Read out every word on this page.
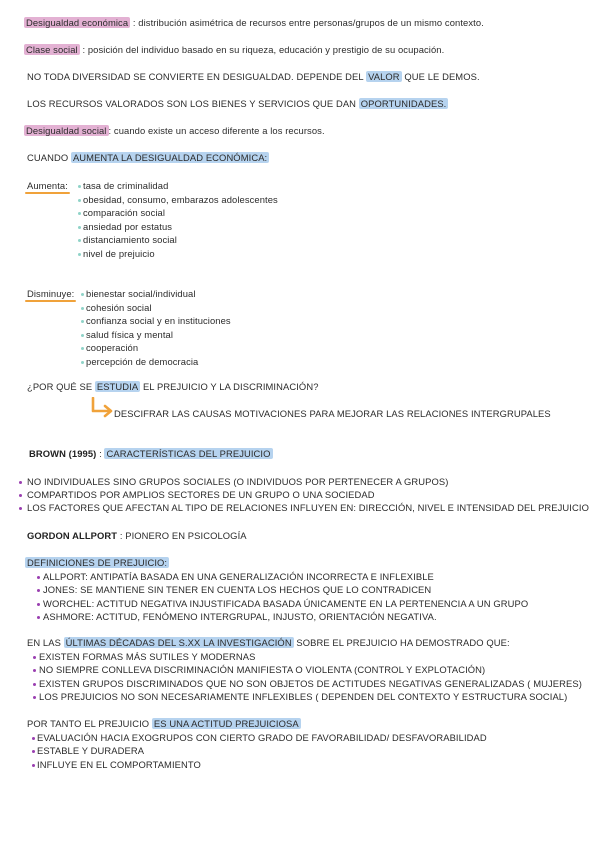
Desigualdad económica : distribución asimétrica de recursos entre personas/grupos de un mismo contexto.
Clase social : posición del individuo basado en su riqueza, educación y prestigio de su ocupación.
NO TODA DIVERSIDAD SE CONVIERTE EN DESIGUALDAD. DEPENDE DEL VALOR QUE LE DEMOS.
LOS RECURSOS VALORADOS SON LOS BIENES Y SERVICIOS QUE DAN OPORTUNIDADES.
Desigualdad social : cuando existe un acceso diferente a los recursos.
CUANDO AUMENTA LA DESIGUALDAD ECONÓMICA:
Aumenta: tasa de criminalidad
obesidad, consumo, embarazos adolescentes
comparación social
ansiedad por estatus
distanciamiento social
nivel de prejuicio
Disminuye: bienestar social/individual
cohesión social
confianza social y en instituciones
salud física y mental
cooperación
percepción de democracia
¿POR QUÉ SE ESTUDIA EL PREJUICIO Y LA DISCRIMINACIÓN?
DESCIFRAR LAS CAUSAS MOTIVACIONES PARA MEJORAR LAS RELACIONES INTERGRUPALES
BROWN (1995) : CARACTERÍSTICAS DEL PREJUICIO
NO INDIVIDUALES SINO GRUPOS SOCIALES (O INDIVIDUOS POR PERTENECER A GRUPOS)
COMPARTIDOS POR AMPLIOS SECTORES DE UN GRUPO O UNA SOCIEDAD
LOS FACTORES QUE AFECTAN AL TIPO DE RELACIONES INFLUYEN EN: DIRECCIÓN, NIVEL E INTENSIDAD DEL PREJUICIO
GORDON ALLPORT : PIONERO EN PSICOLOGÍA
DEFINICIONES DE PREJUICIO:
ALLPORT: ANTIPATÍA BASADA EN UNA GENERALIZACIÓN INCORRECTA E INFLEXIBLE
JONES: SE MANTIENE SIN TENER EN CUENTA LOS HECHOS QUE LO CONTRADICEN
WORCHEL: ACTITUD NEGATIVA INJUSTIFICADA BASADA ÚNICAMENTE EN LA PERTENENCIA A UN GRUPO
ASHMORE: ACTITUD, FENÓMENO INTERGRUPAL, INJUSTO, ORIENTACIÓN NEGATIVA.
EN LAS ÚLTIMAS DÉCADAS DEL S.XX LA INVESTIGACIÓN SOBRE EL PREJUICIO HA DEMOSTRADO QUE:
EXISTEN FORMAS MÁS SUTILES Y MODERNAS
NO SIEMPRE CONLLEVA DISCRIMINACIÓN MANIFIESTA O VIOLENTA (CONTROL Y EXPLOTACIÓN)
EXISTEN GRUPOS DISCRIMINADOS QUE NO SON OBJETOS DE ACTITUDES NEGATIVAS GENERALIZADAS ( MUJERES)
LOS PREJUICIOS NO SON NECESARIAMENTE INFLEXIBLES ( DEPENDEN DEL CONTEXTO Y ESTRUCTURA SOCIAL)
POR TANTO EL PREJUICIO ES UNA ACTITUD PREJUICIOSA
EVALUACIÓN HACIA EXOGRUPOS CON CIERTO GRADO DE FAVORABILIDAD/ DESFAVORABILIDAD
ESTABLE Y DURADERA
INFLUYE EN EL COMPORTAMIENTO
